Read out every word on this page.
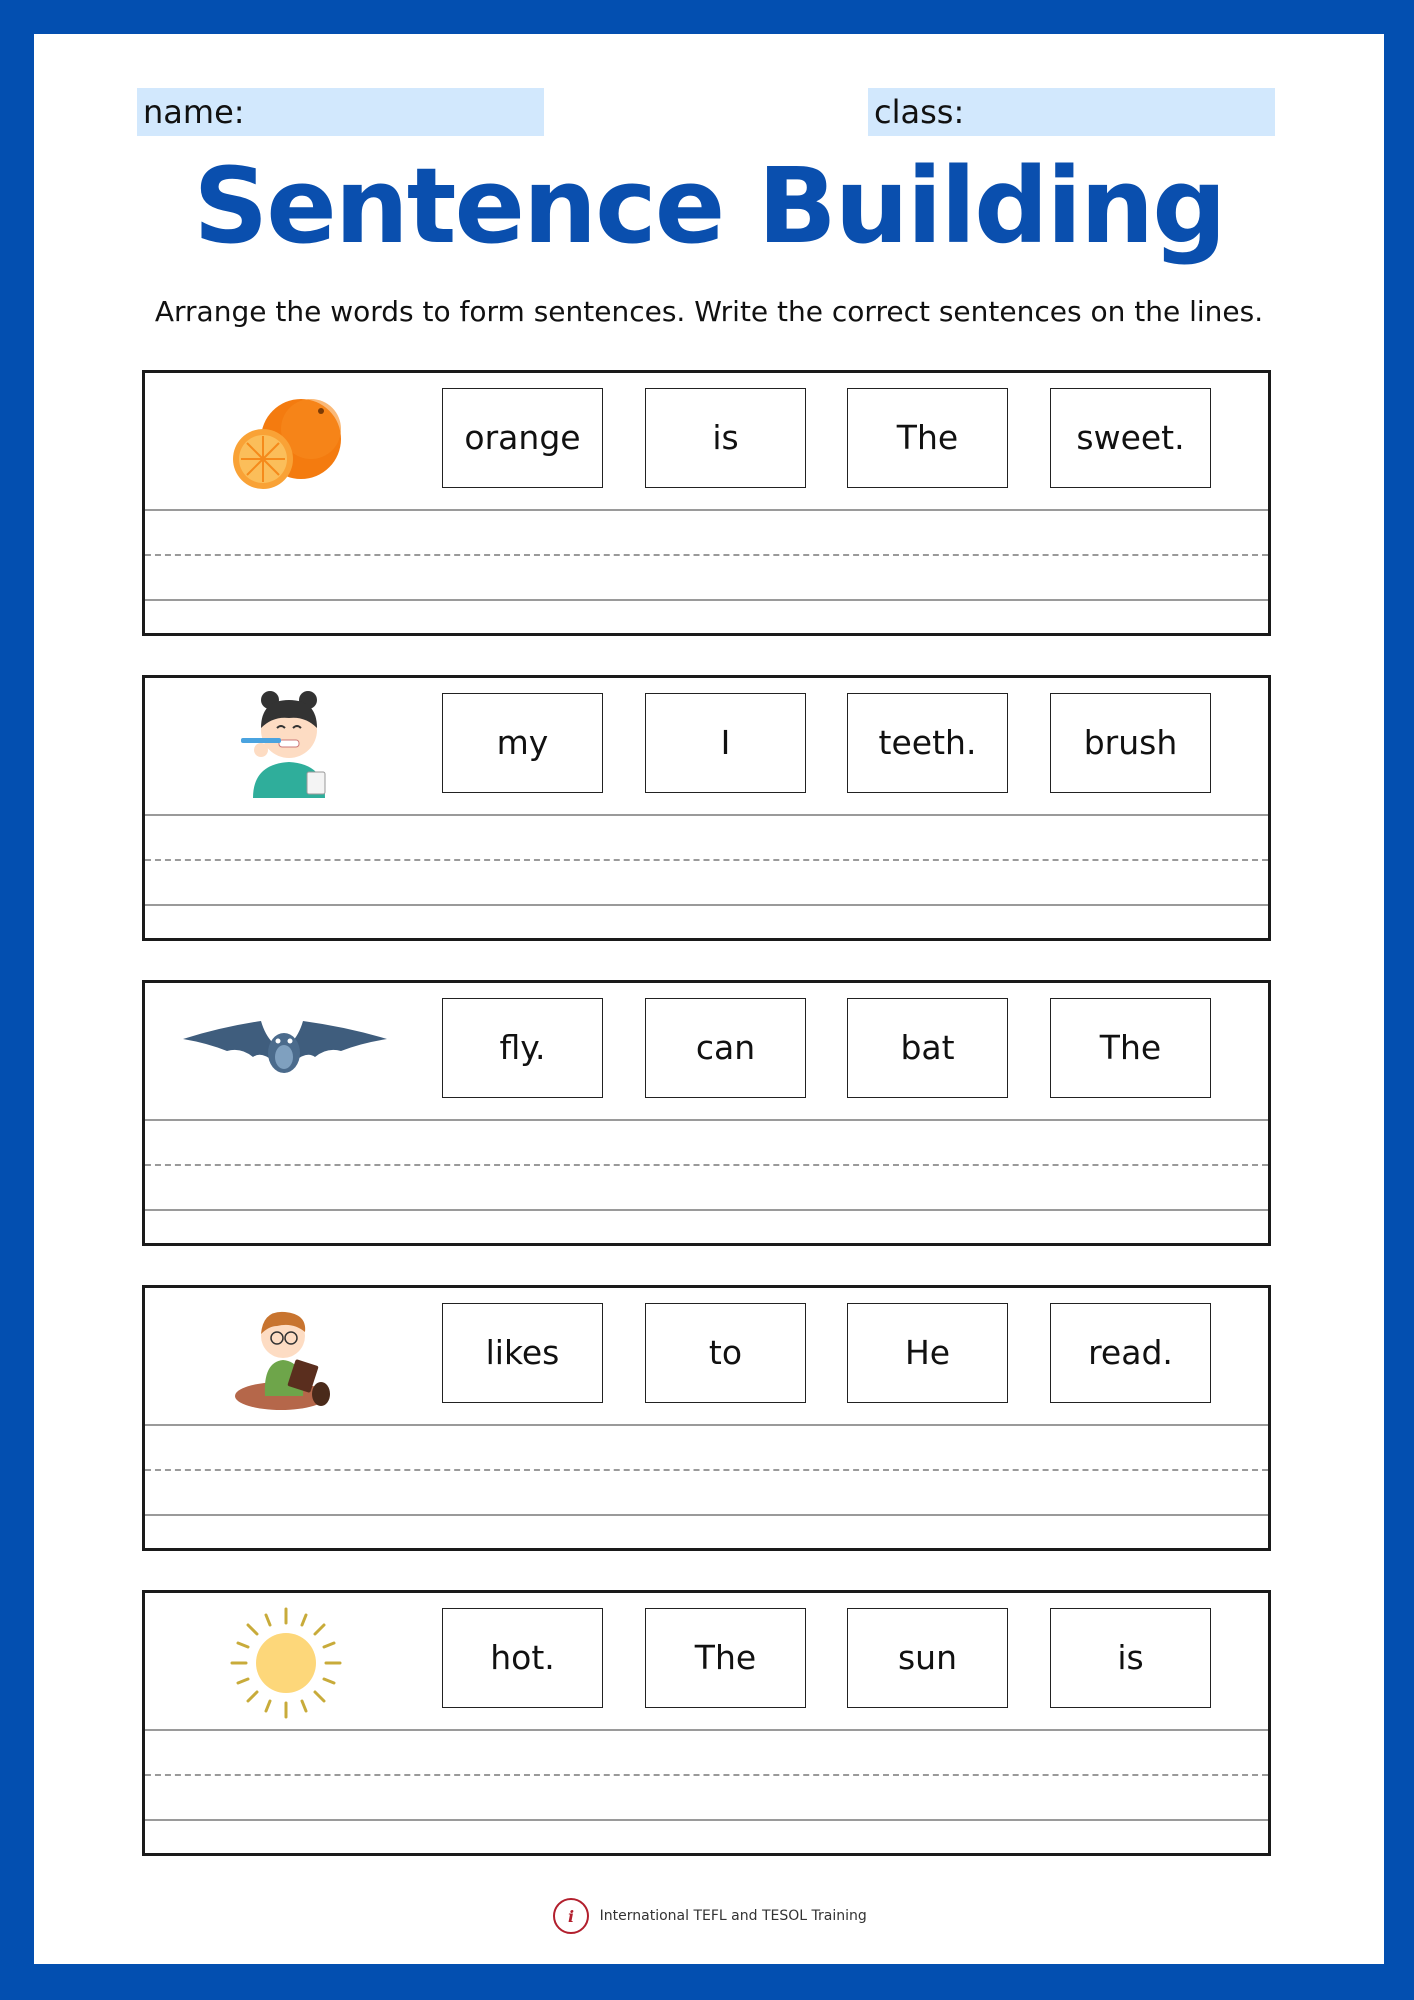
name:	class:
Sentence Building
Arrange the words to form sentences. Write the correct sentences on the lines.
orange	is	The	sweet.
my	I	teeth.	brush
fly.	can	bat	The
likes	to	He	read.
hot.	The	sun	is
i International TEFL and TESOL Training
